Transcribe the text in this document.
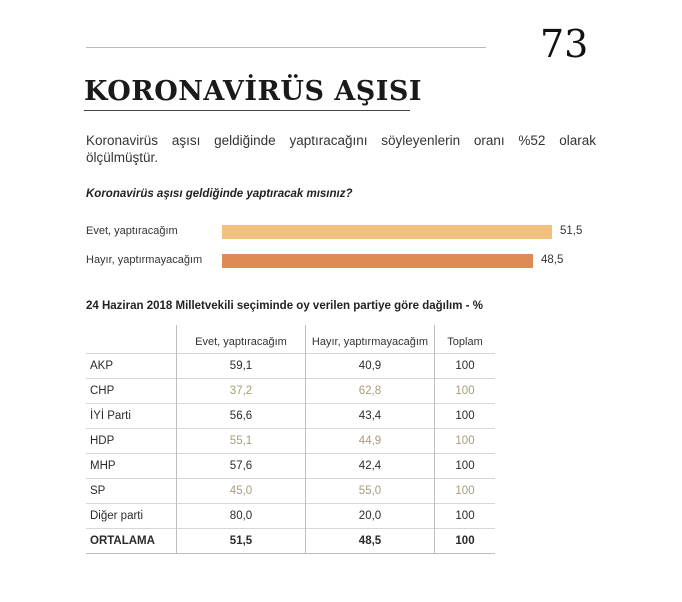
73
KORONAVİRÜS AŞISI
Koronavirüs aşısı geldiğinde yaptıracağını söyleyenlerin oranı %52 olarak ölçülmüştür.
Koronavirüs aşısı geldiğinde yaptıracak mısınız?
Evet, yaptıracağım	51,5
Hayır, yaptırmayacağım	48,5
24 Haziran 2018 Milletvekili seçiminde oy verilen partiye göre dağılım - %
	Evet, yaptıracağım	Hayır, yaptırmayacağım	Toplam
AKP	59,1	40,9	100
CHP	37,2	62,8	100
İYİ Parti	56,6	43,4	100
HDP	55,1	44,9	100
MHP	57,6	42,4	100
SP	45,0	55,0	100
Diğer parti	80,0	20,0	100
ORTALAMA	51,5	48,5	100
